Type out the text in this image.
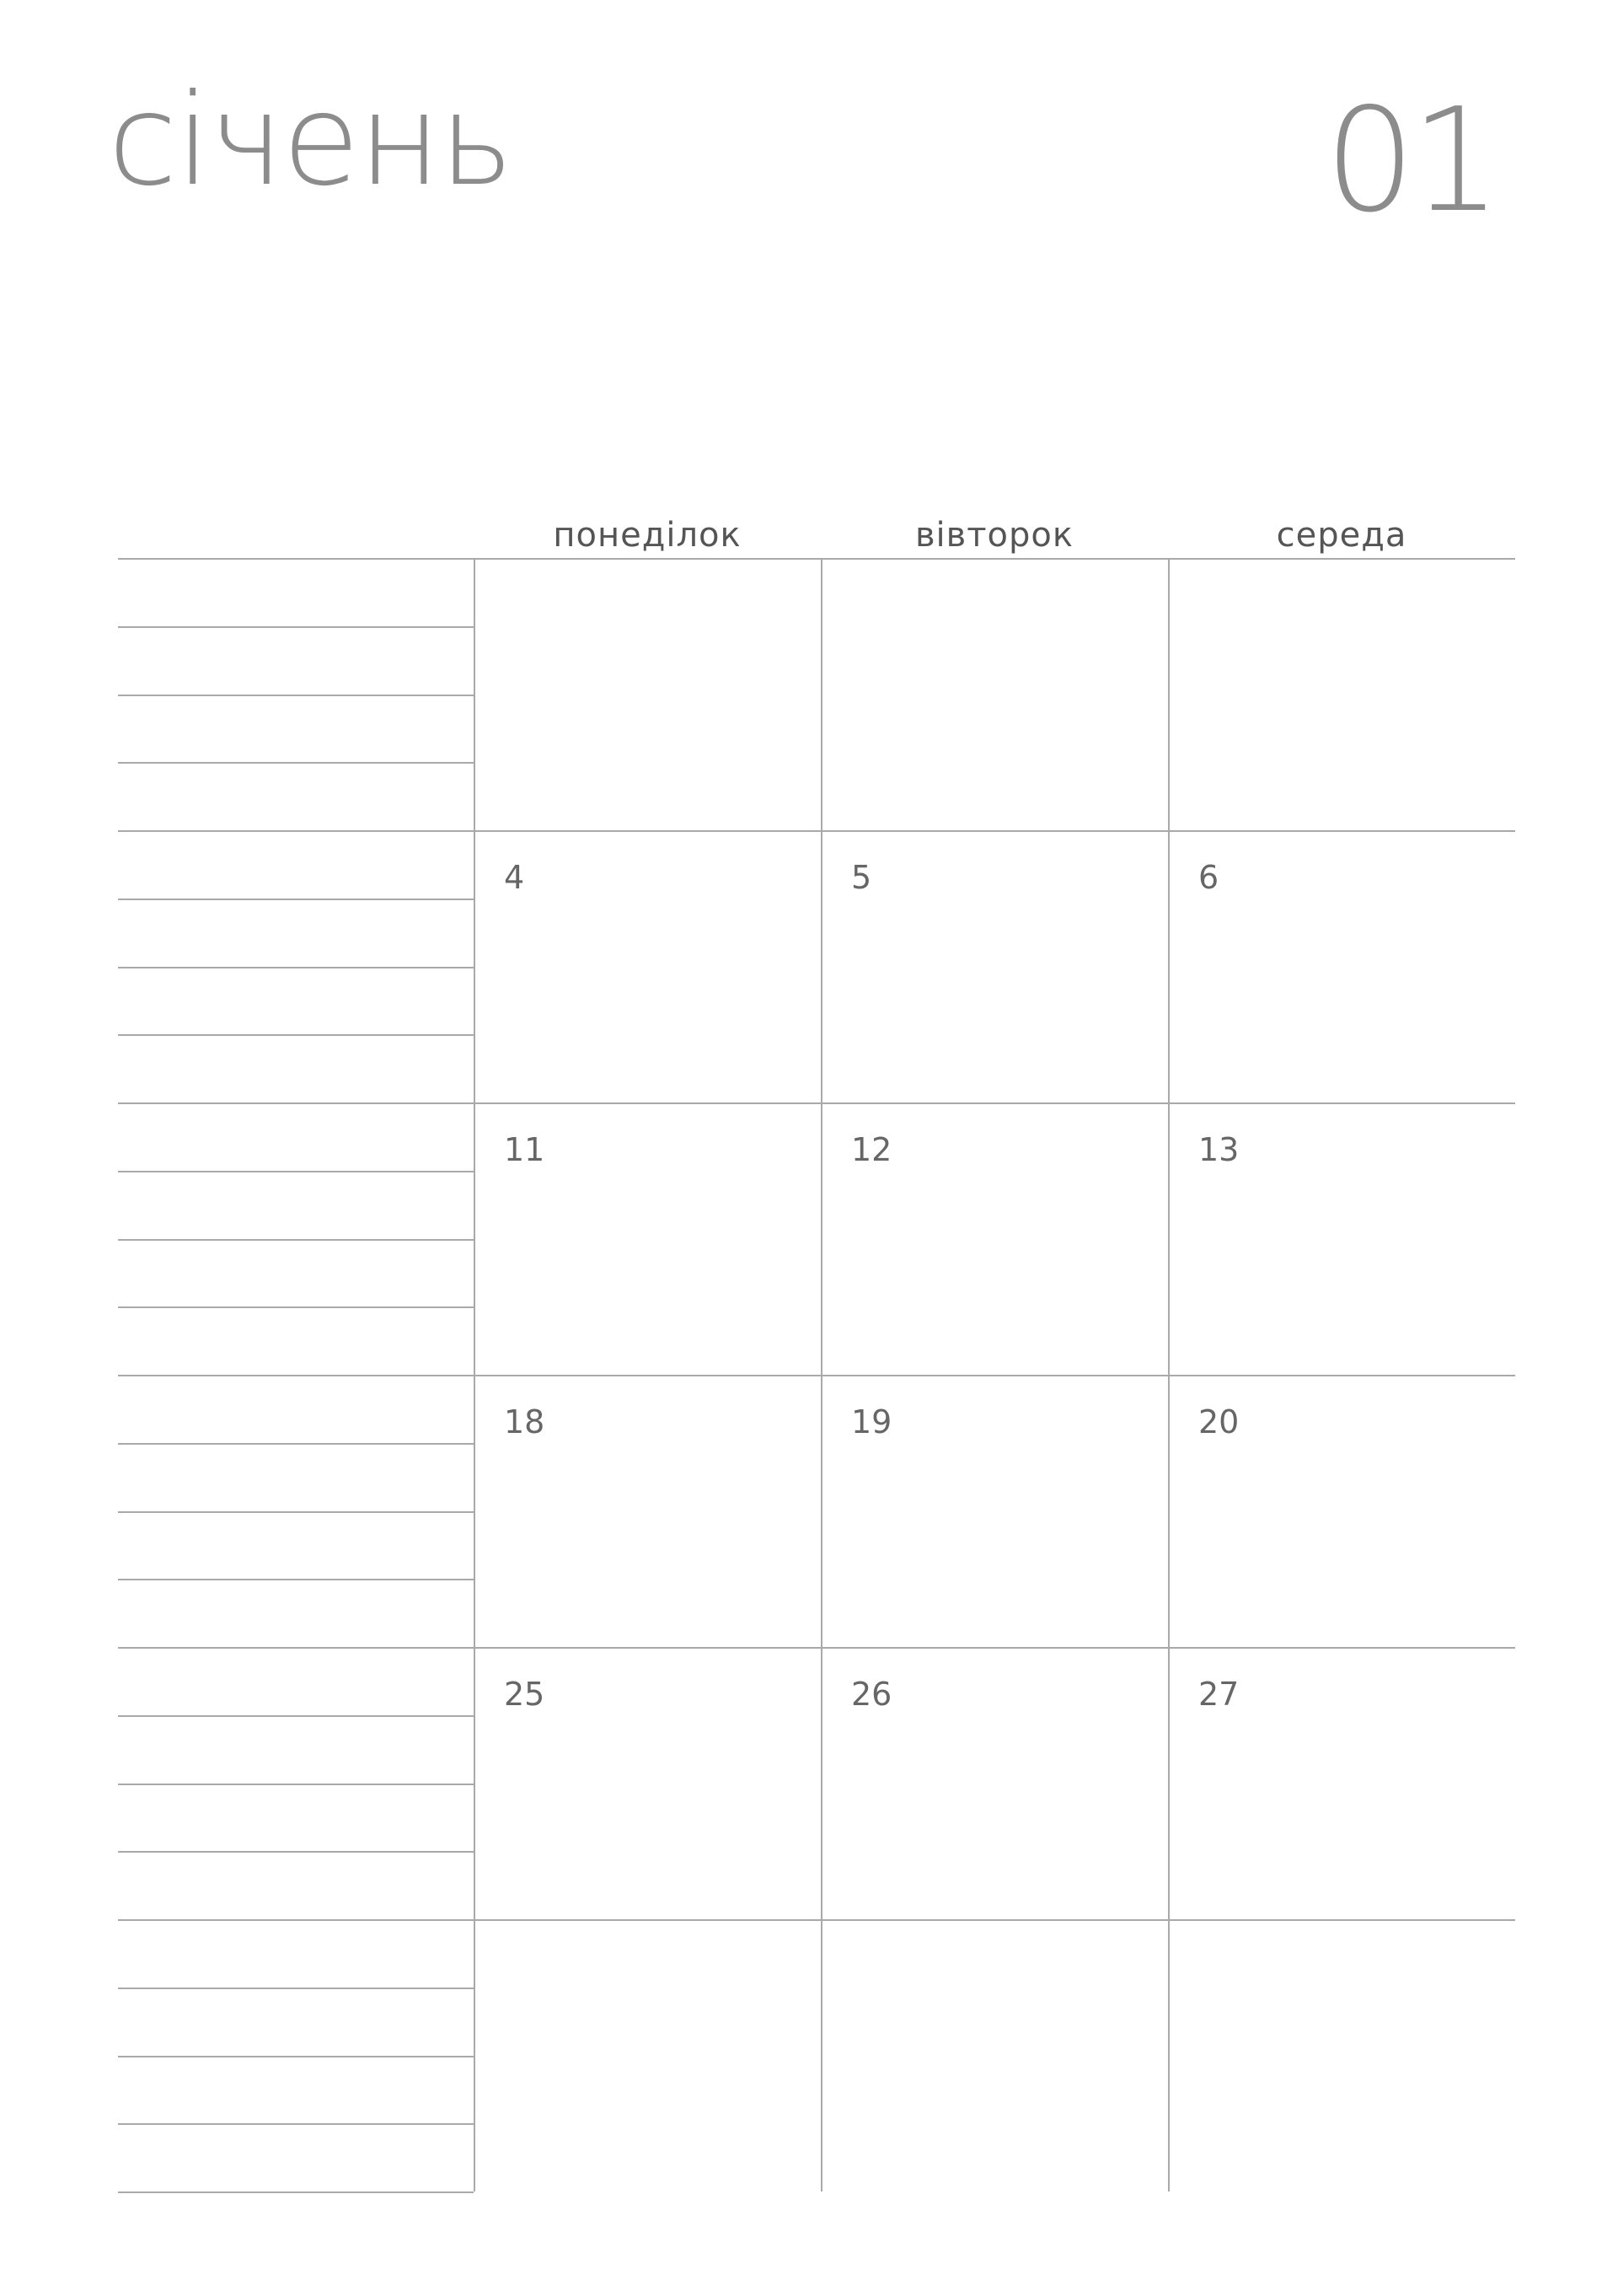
січень	01
понеділок	вівторок	середа
4	5	6
11	12	13
18	19	20
25	26	27
